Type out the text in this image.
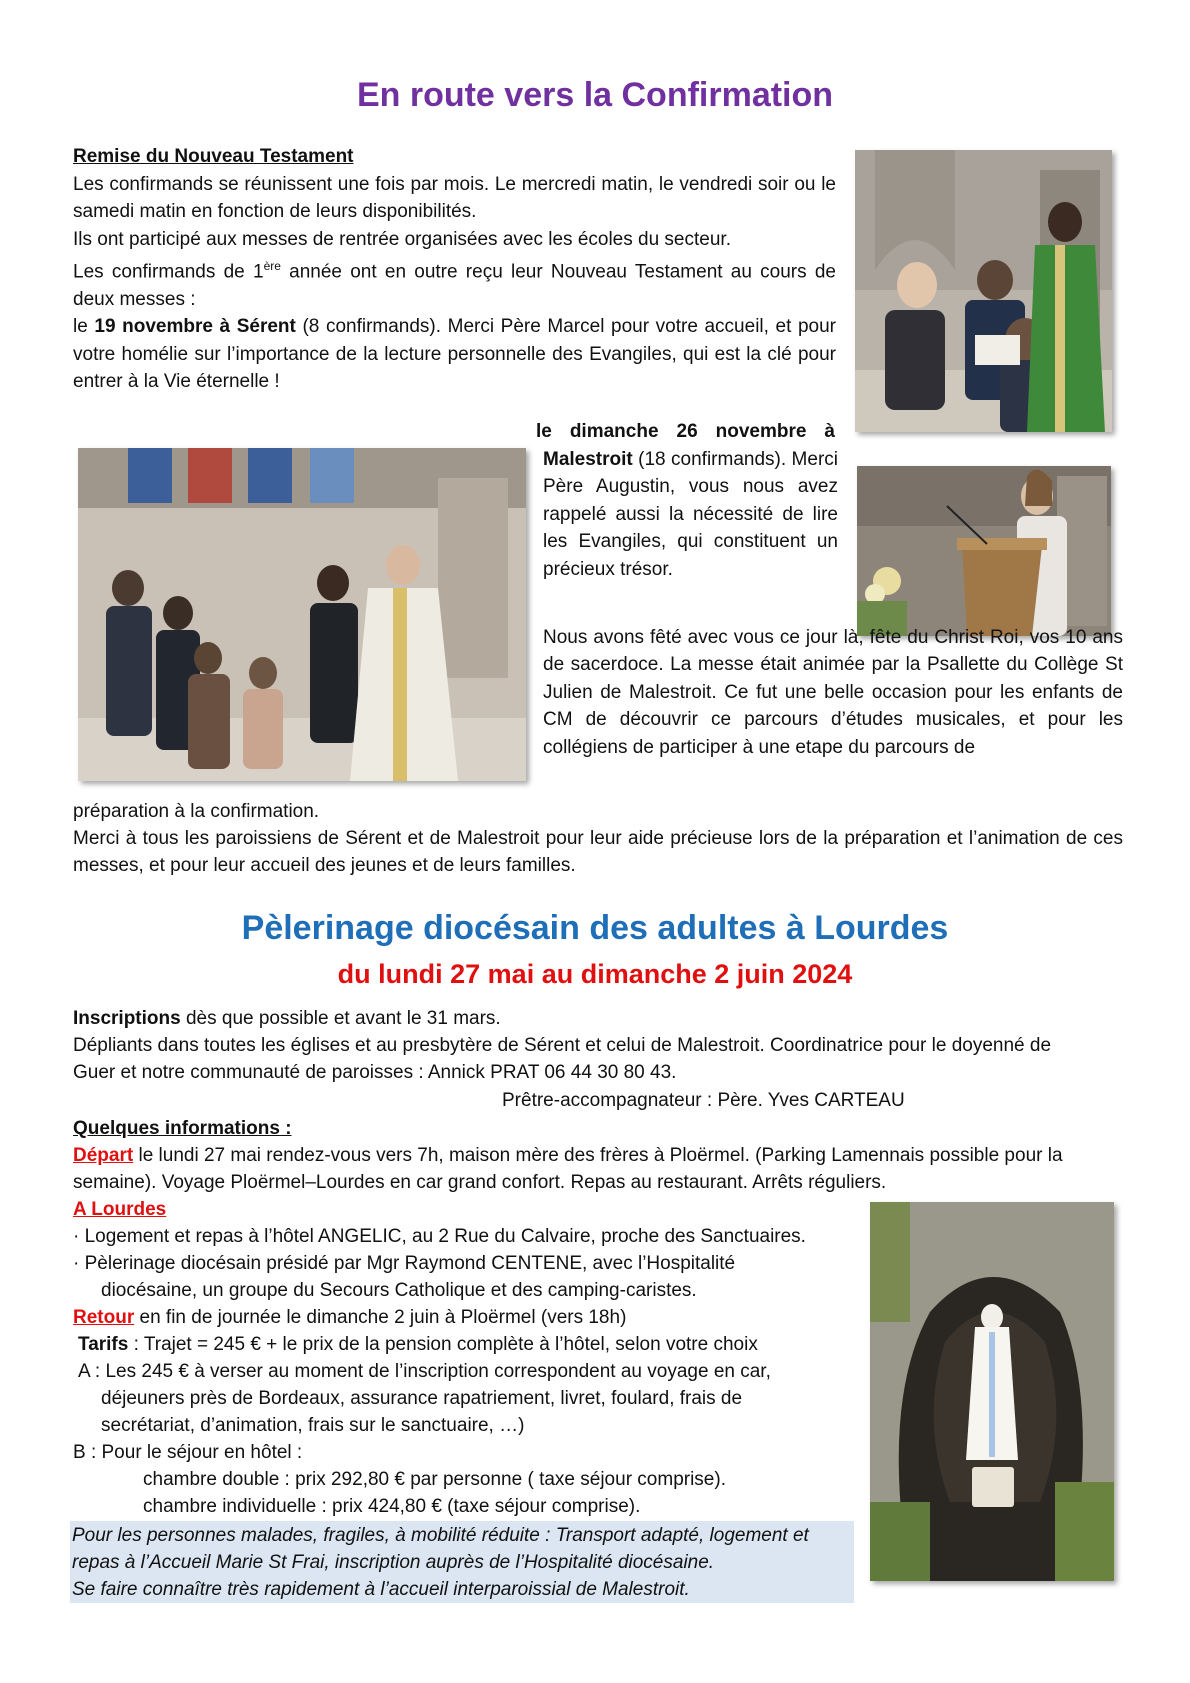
En route vers la Confirmation
Remise du Nouveau Testament
Les confirmands se réunissent une fois par mois. Le mercredi matin, le vendredi soir ou le samedi matin en fonction de leurs disponibilités.
Ils ont participé aux messes de rentrée organisées avec les écoles du secteur.
Les confirmands de 1ère année ont en outre reçu leur Nouveau Testament au cours de deux messes :
le 19 novembre à Sérent (8 confirmands). Merci Père Marcel pour votre accueil, et pour votre homélie sur l’importance de la lecture personnelle des Evangiles, qui est la clé pour entrer à la Vie éternelle !
le dimanche 26 novembre à
Malestroit (18 confirmands). Merci Père Augustin, vous nous avez rappelé aussi la nécessité de lire les Evangiles, qui constituent un précieux trésor.
Nous avons fêté avec vous ce jour là, fête du Christ Roi, vos 10 ans de sacerdoce. La messe était animée par la Psallette du Collège St Julien de Malestroit. Ce fut une belle occasion pour les enfants de CM de découvrir ce parcours d’études musicales, et pour les collégiens de participer à une etape du parcours de
préparation à la confirmation.
Merci à tous les paroissiens de Sérent et de Malestroit pour leur aide précieuse lors de la préparation et l’animation de ces messes, et pour leur accueil des jeunes et de leurs familles.
Pèlerinage diocésain des adultes à Lourdes
du lundi 27 mai au dimanche 2 juin 2024
Inscriptions dès que possible et avant le 31 mars.
Dépliants dans toutes les églises et au presbytère de Sérent et celui de Malestroit. Coordinatrice pour le doyenné de
Guer et notre communauté de paroisses : Annick PRAT 06 44 30 80 43.
Prêtre-accompagnateur : Père. Yves CARTEAU
Quelques informations :
Départ le lundi 27 mai rendez-vous vers 7h, maison mère des frères à Ploërmel. (Parking Lamennais possible pour la
semaine). Voyage Ploërmel–Lourdes en car grand confort. Repas au restaurant. Arrêts réguliers.
A Lourdes
· Logement et repas à l’hôtel ANGELIC, au 2 Rue du Calvaire, proche des Sanctuaires.
· Pèlerinage diocésain présidé par Mgr Raymond CENTENE, avec l’Hospitalité
diocésaine, un groupe du Secours Catholique et des camping-caristes.
Retour en fin de journée le dimanche 2 juin à Ploërmel (vers 18h)
Tarifs : Trajet = 245 € + le prix de la pension complète à l’hôtel, selon votre choix
A : Les 245 € à verser au moment de l’inscription correspondent au voyage en car,
déjeuners près de Bordeaux, assurance rapatriement, livret, foulard, frais de
secrétariat, d’animation, frais sur le sanctuaire, …)
B : Pour le séjour en hôtel :
chambre double : prix 292,80 € par personne ( taxe séjour comprise).
chambre individuelle : prix 424,80 € (taxe séjour comprise).
Pour les personnes malades, fragiles, à mobilité réduite : Transport adapté, logement et
repas à l’Accueil Marie St Frai, inscription auprès de l’Hospitalité diocésaine.
Se faire connaître très rapidement à l’accueil interparoissial de Malestroit.
